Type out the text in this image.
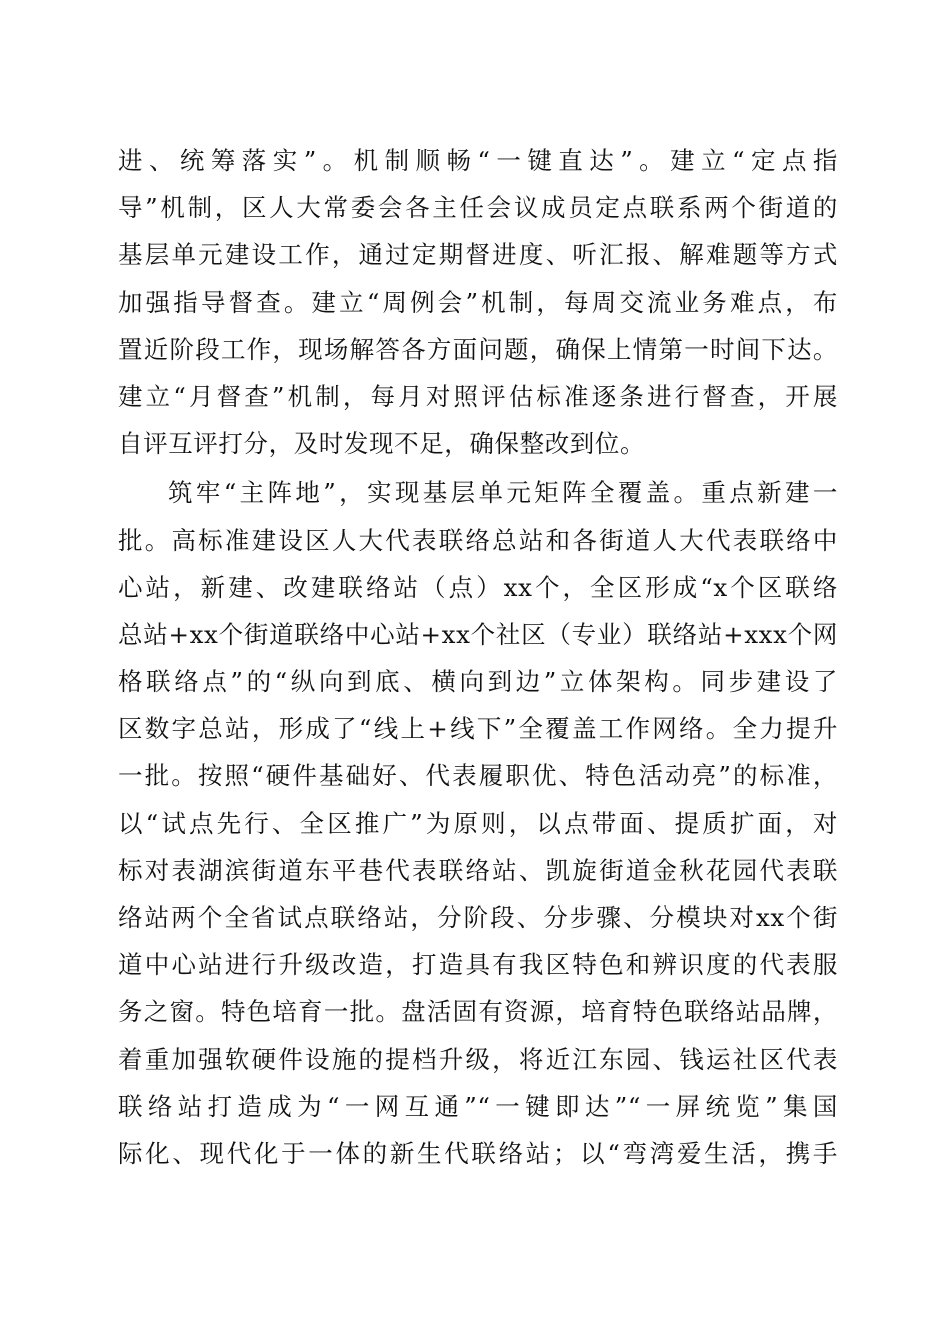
进、统筹落实”。机制顺畅“一键直达”。建立“定点指
导”机制，区人大常委会各主任会议成员定点联系两个街道的
基层单元建设工作，通过定期督进度、听汇报、解难题等方式
加强指导督查。建立“周例会”机制，每周交流业务难点，布
置近阶段工作，现场解答各方面问题，确保上情第一时间下达。
建立“月督查”机制，每月对照评估标准逐条进行督查，开展
自评互评打分，及时发现不足，确保整改到位。
筑牢“主阵地”，实现基层单元矩阵全覆盖。重点新建一
批。高标准建设区人大代表联络总站和各街道人大代表联络中
心站，新建、改建联络站（点）xx个，全区形成“x个区联络
总站+xx个街道联络中心站+xx个社区（专业）联络站+xxx个网
格联络点”的“纵向到底、横向到边”立体架构。同步建设了
区数字总站，形成了“线上+线下”全覆盖工作网络。全力提升
一批。按照“硬件基础好、代表履职优、特色活动亮”的标准，
以“试点先行、全区推广”为原则，以点带面、提质扩面，对
标对表湖滨街道东平巷代表联络站、凯旋街道金秋花园代表联
络站两个全省试点联络站，分阶段、分步骤、分模块对xx个街
道中心站进行升级改造，打造具有我区特色和辨识度的代表服
务之窗。特色培育一批。盘活固有资源，培育特色联络站品牌，
着重加强软硬件设施的提档升级，将近江东园、钱运社区代表
联络站打造成为“一网互通”“一键即达”“一屏统览”集国
际化、现代化于一体的新生代联络站；以“弯湾爱生活，携手
